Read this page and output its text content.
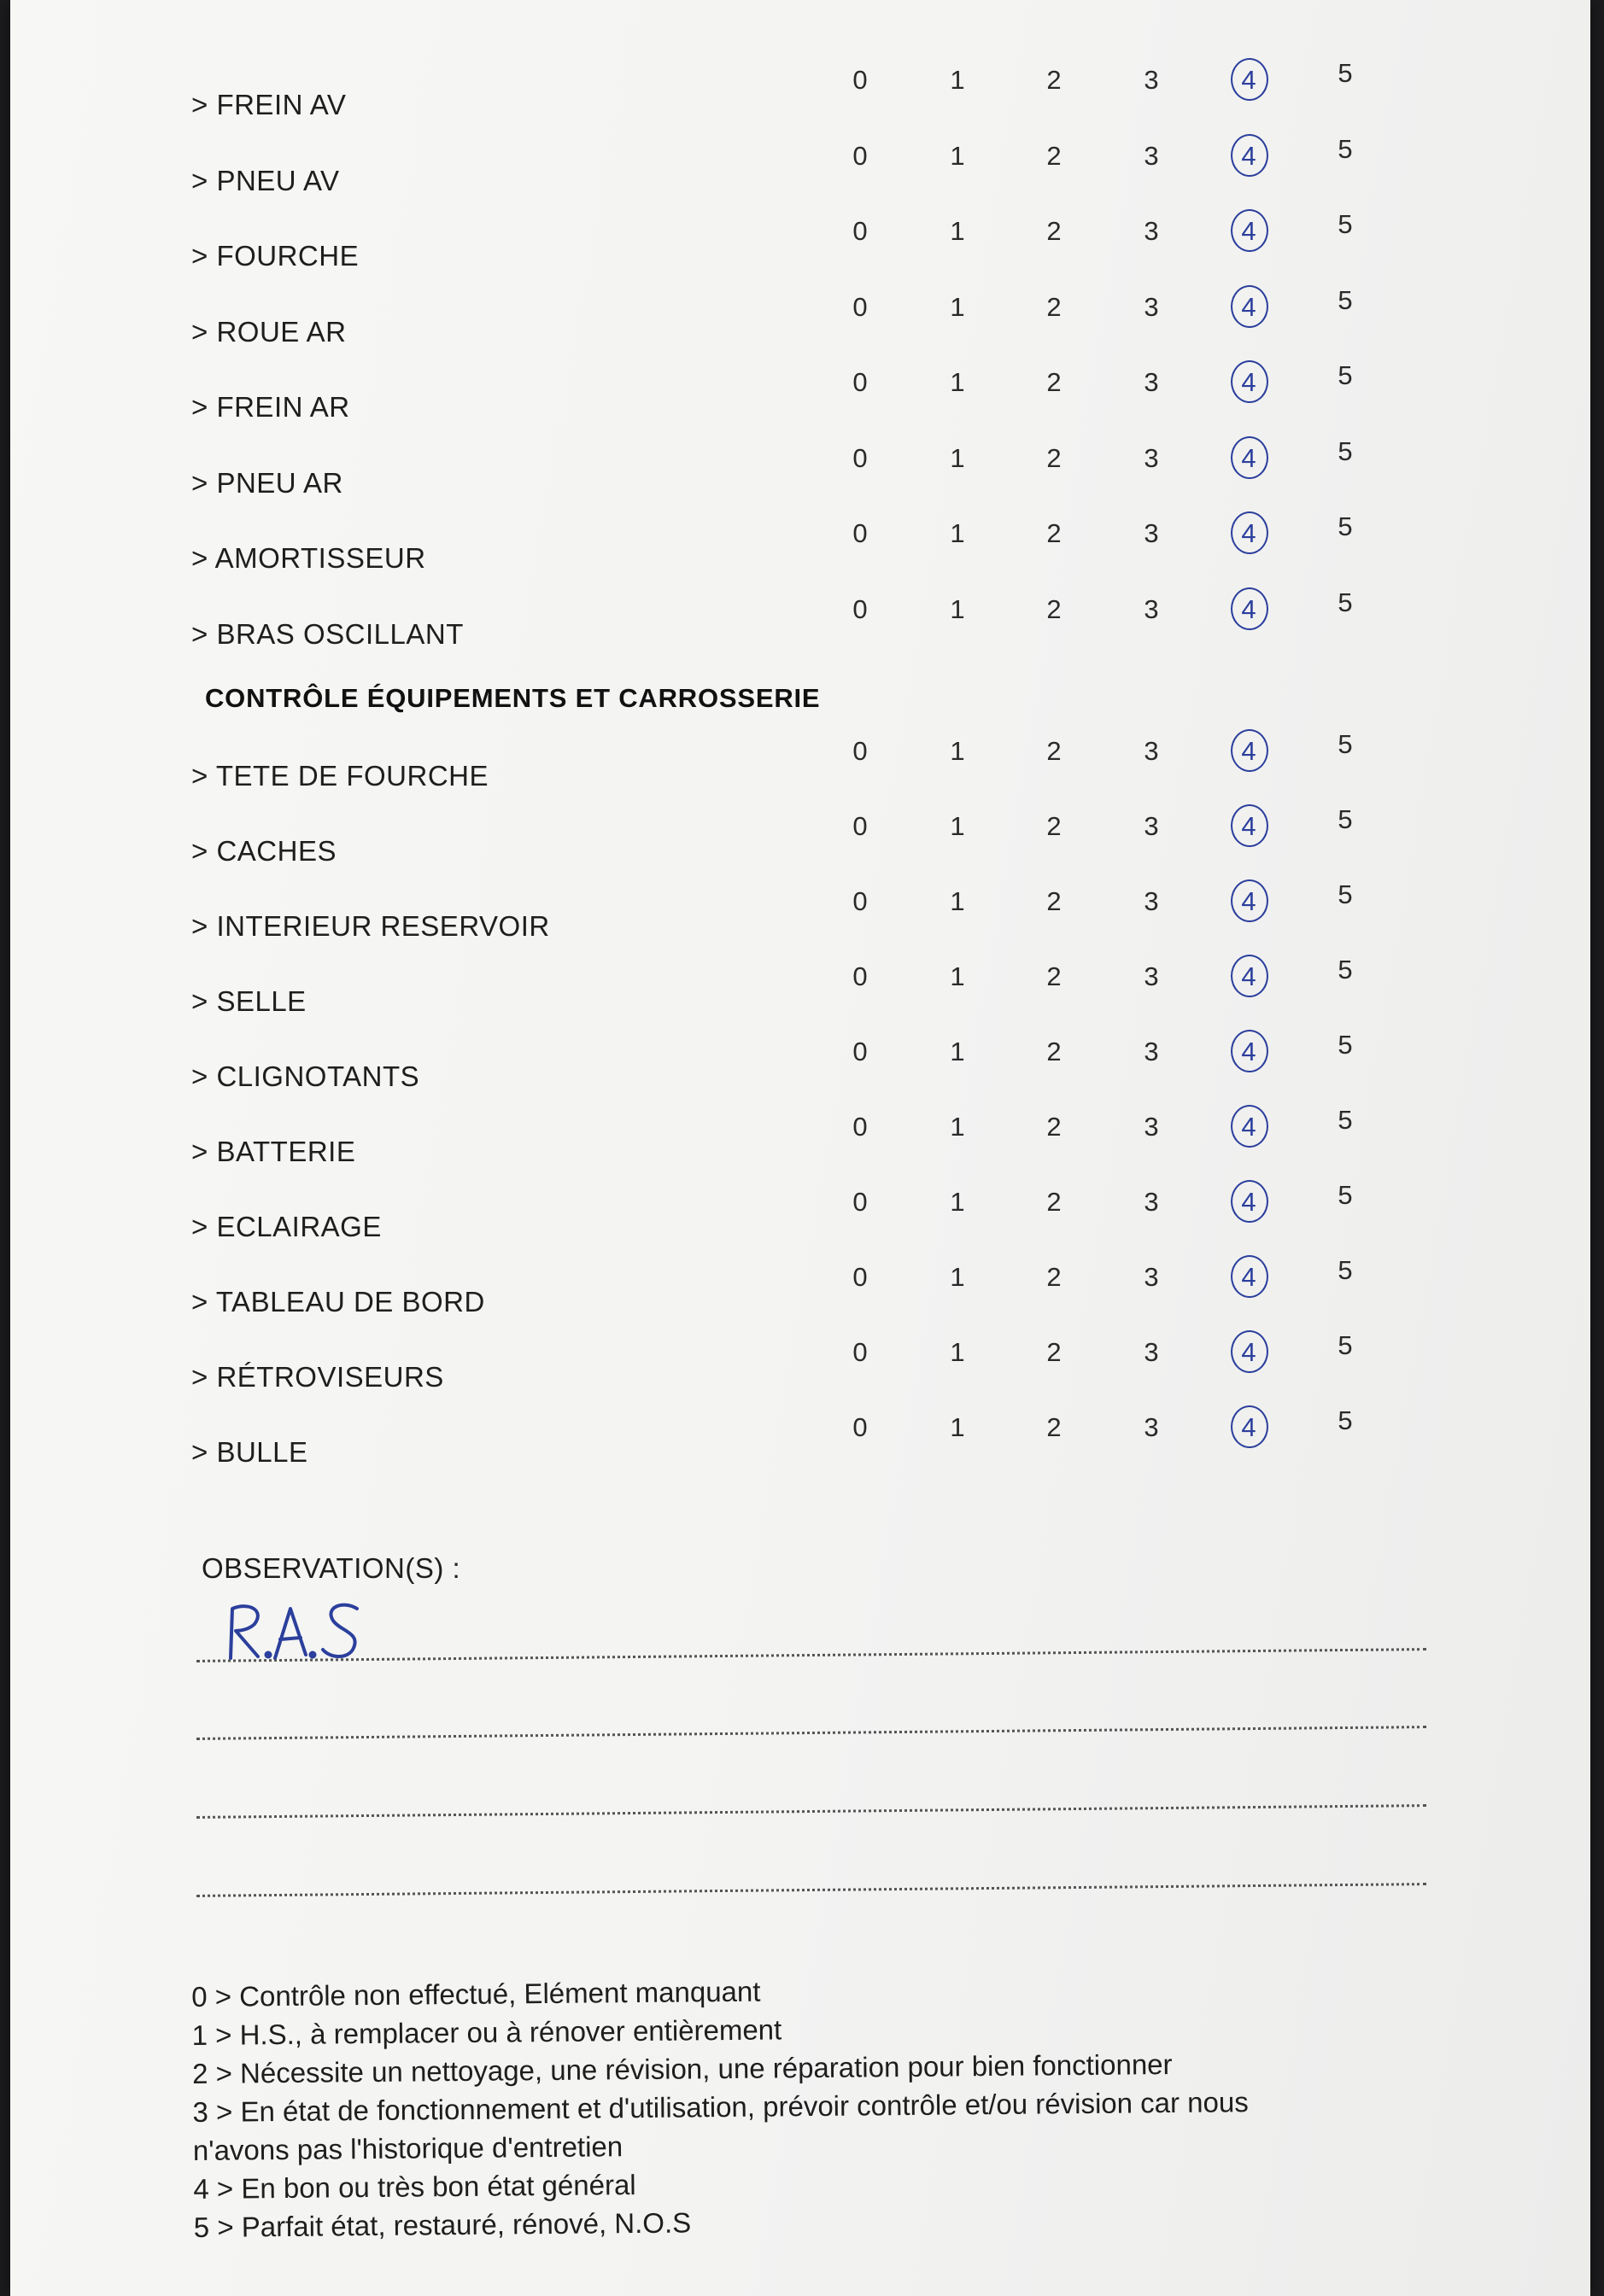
> FREIN AV
0	1	2	3	4	5
> PNEU AV
0	1	2	3	4	5
> FOURCHE
0	1	2	3	4	5
> ROUE AR
0	1	2	3	4	5
> FREIN AR
0	1	2	3	4	5
> PNEU AR
0	1	2	3	4	5
> AMORTISSEUR
0	1	2	3	4	5
> BRAS OSCILLANT
0	1	2	3	4	5
CONTRÔLE ÉQUIPEMENTS ET CARROSSERIE
> TETE DE FOURCHE
0	1	2	3	4	5
> CACHES
0	1	2	3	4	5
> INTERIEUR RESERVOIR
0	1	2	3	4	5
> SELLE
0	1	2	3	4	5
> CLIGNOTANTS
0	1	2	3	4	5
> BATTERIE
0	1	2	3	4	5
> ECLAIRAGE
0	1	2	3	4	5
> TABLEAU DE BORD
0	1	2	3	4	5
> RÉTROVISEURS
0	1	2	3	4	5
> BULLE
0	1	2	3	4	5
OBSERVATION(S) :
0 > Contrôle non effectué, Elément manquant
1 > H.S., à remplacer ou à rénover entièrement
2 > Nécessite un nettoyage, une révision, une réparation pour bien fonctionner
3 > En état de fonctionnement et d'utilisation, prévoir contrôle et/ou révision car nous
n'avons pas l'historique d'entretien
4 > En bon ou très bon état général
5 > Parfait état, restauré, rénové, N.O.S
